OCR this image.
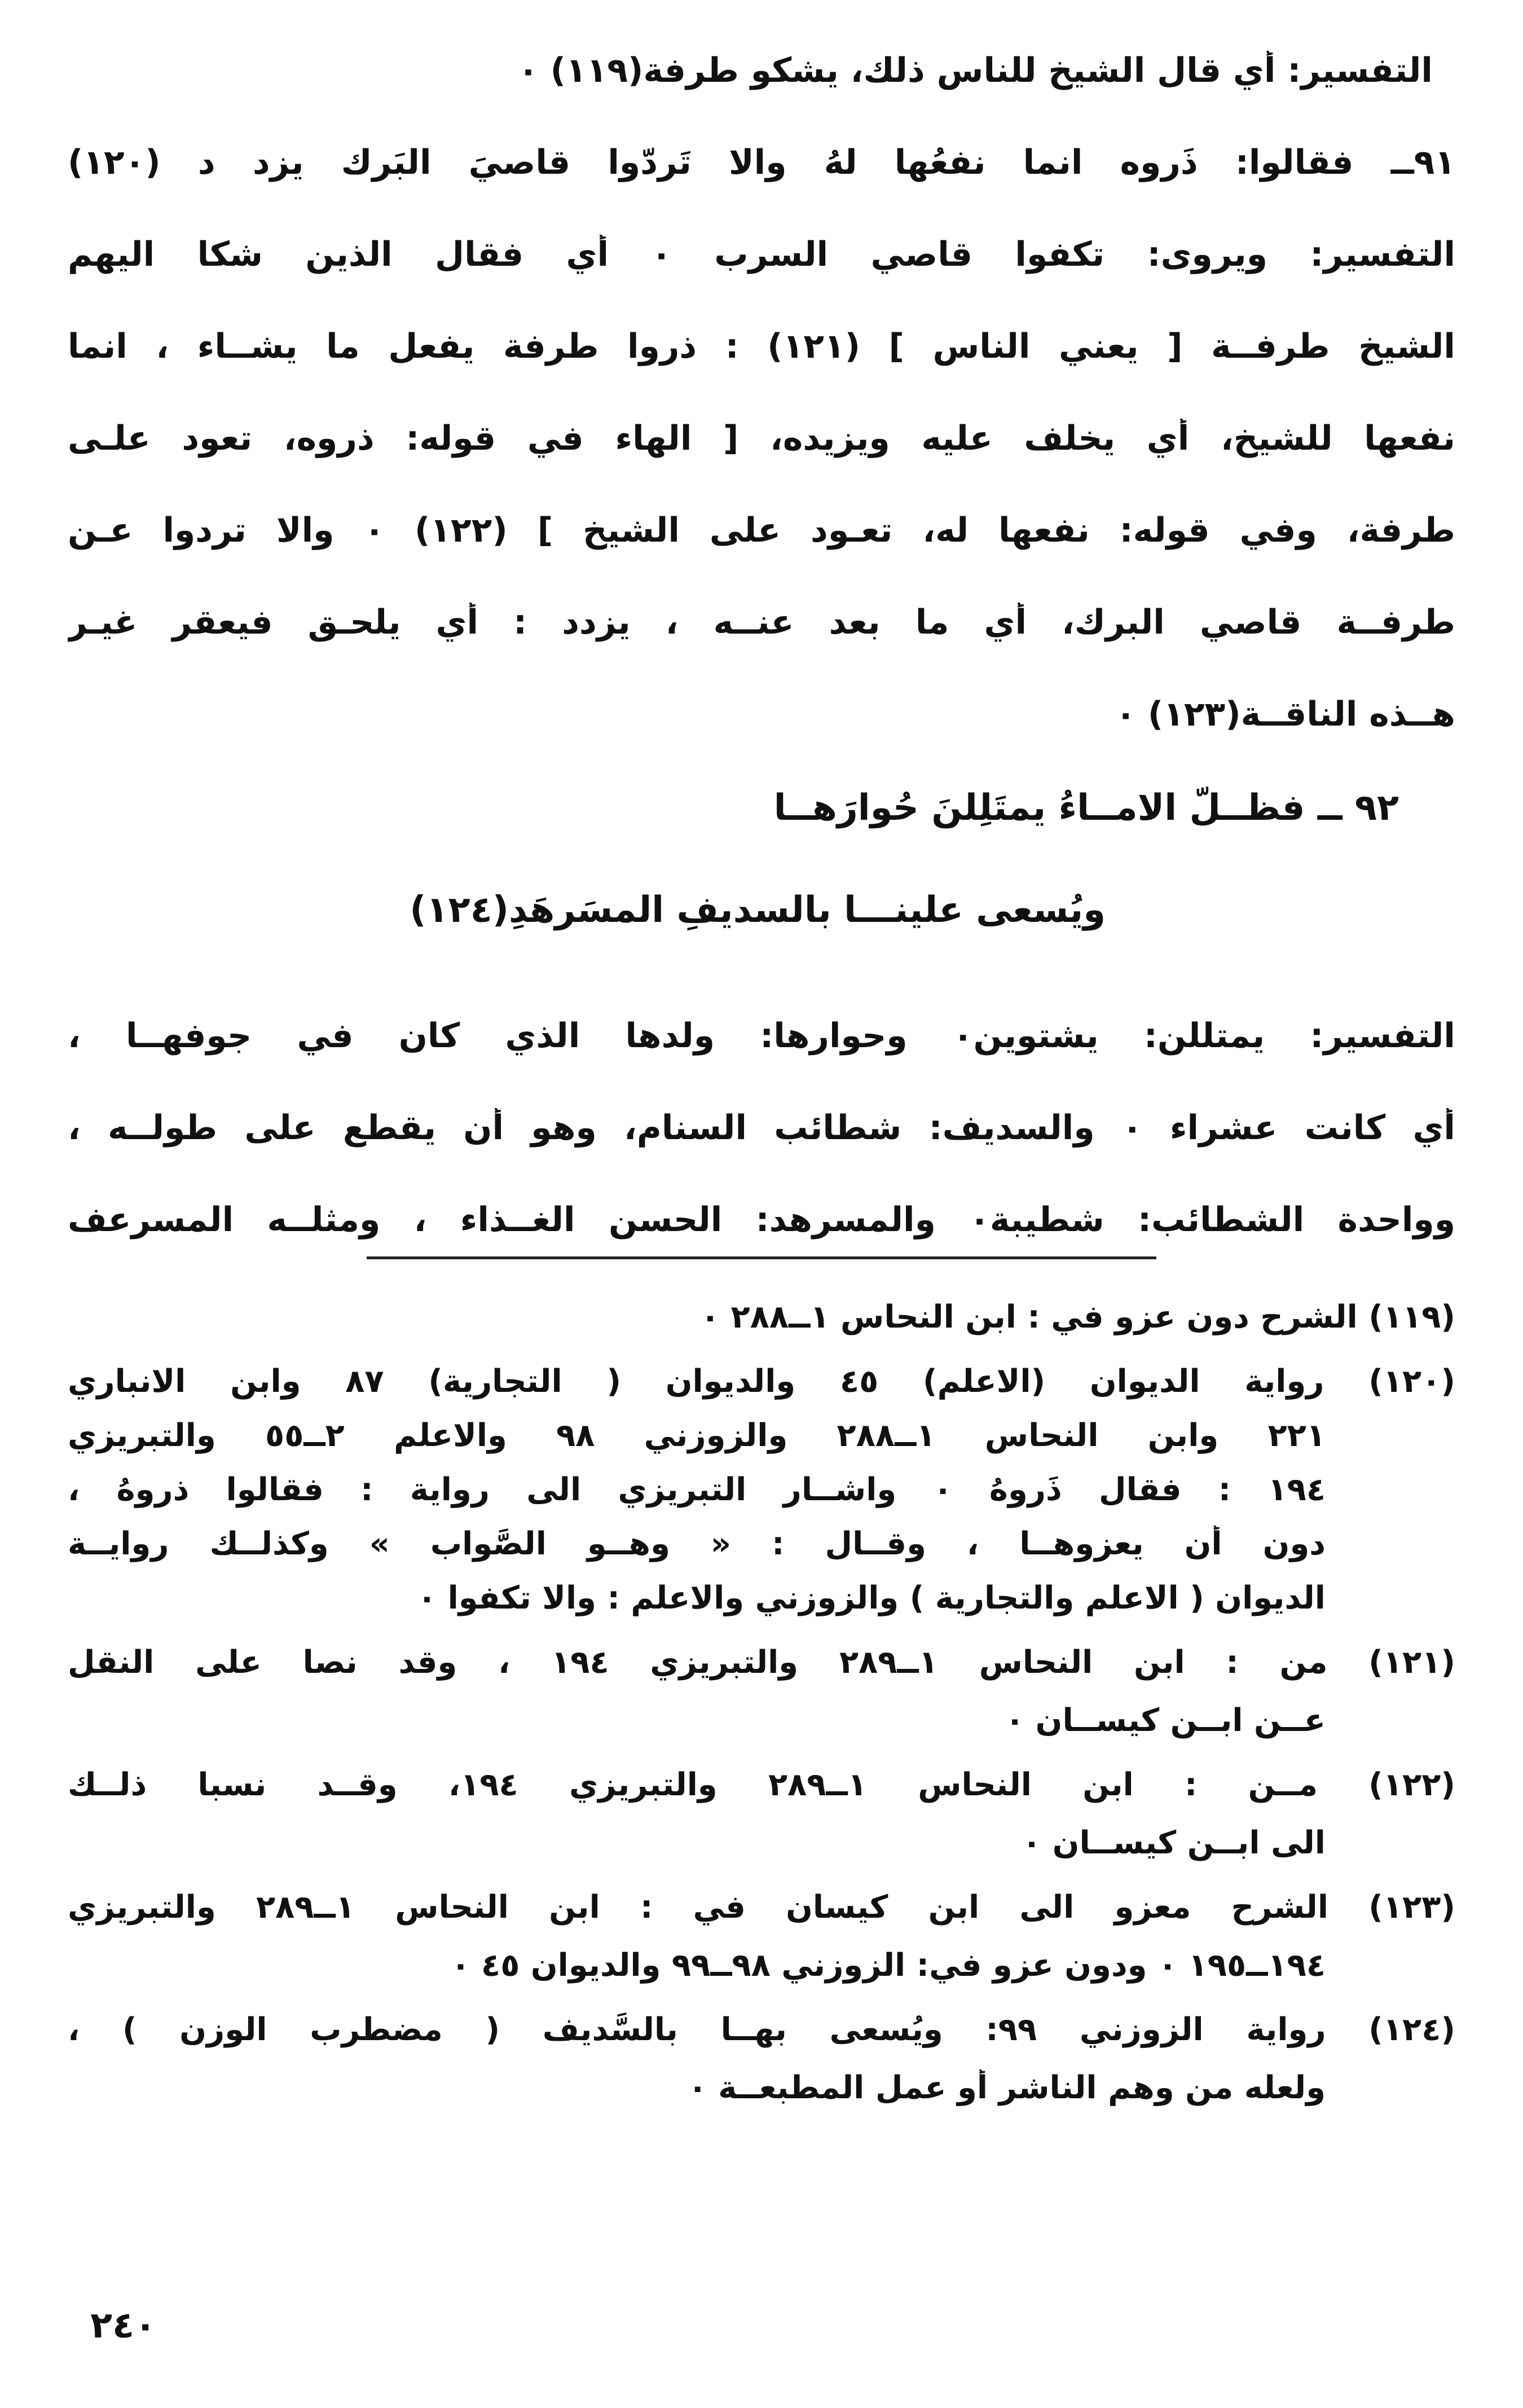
التفسير: أي قال الشيخ للناس ذلك، يشكو طرفة(١١٩) ٠
٩١ــ فقالوا: ذَروه انما نفعُها لهُ والا تَردّوا قاصيَ البَرك يزد د (١٢٠)
التفسير: ويروى: تكفوا قاصي السرب ٠ أي فقال الذين شكا اليهم
الشيخ طرفــة [ يعني الناس ] (١٢١) : ذروا طرفة يفعل ما يشــاء ، انما
نفعها للشيخ، أي يخلف عليه ويزيده، [ الهاء في قوله: ذروه، تعود علـى
طرفة، وفي قوله: نفعها له، تعـود على الشيخ ] (١٢٢) ٠ والا تردوا عـن
طرفــة قاصي البرك، أي ما بعد عنــه ، يزدد : أي يلحـق فيعقر غيـر
هــذه الناقــة(١٢٣) ٠
٩٢ ــ فظــلَّ الامــاءُ يمتَلِلنَ حُوارَهــا
ويُسعى علينـــا بالسديفِ المسَرهَدِ(١٢٤)
التفسير: يمتللن: يشتوين٠ وحوارها: ولدها الذي كان في جوفهــا ،
أي كانت عشراء ٠ والسديف: شطائب السنام، وهو أن يقطع على طولــه ،
وواحدة الشطائب: شطيبة٠ والمسرهد: الحسن الغــذاء ، ومثلــه المسرعف
(١١٩) الشرح دون عزو في : ابن النحاس ١ــ٢٨٨ ٠
(١٢٠) رواية الديوان (الاعلم) ٤٥ والديوان ( التجارية) ٨٧ وابن الانباري
٢٢١ وابن النحاس ١ــ٢٨٨ والزوزني ٩٨ والاعلم ٢ــ٥٥ والتبريزي
١٩٤ : فقال ذَروهُ ٠ واشــار التبريزي الى رواية : فقالوا ذروهُ ،
دون أن يعزوهــا ، وقــال : « وهــو الصَّواب » وكذلــك روايــة
الديوان ( الاعلم والتجارية ) والزوزني والاعلم : والا تكفوا ٠
(١٢١) من : ابن النحاس ١ــ٢٨٩ والتبريزي ١٩٤ ، وقد نصا على النقل
عــن ابــن كيســان ٠
(١٢٢) مــن : ابن النحاس ١ــ٢٨٩ والتبريزي ١٩٤، وقــد نسبا ذلــك
الى ابــن كيســان ٠
(١٢٣) الشرح معزو الى ابن كيسان في : ابن النحاس ١ــ٢٨٩ والتبريزي
١٩٤ــ١٩٥ ٠ ودون عزو في: الزوزني ٩٨ــ٩٩ والديوان ٤٥ ٠
(١٢٤) رواية الزوزني ٩٩: ويُسعى بهــا بالسَّديف ( مضطرب الوزن ) ،
ولعله من وهم الناشر أو عمل المطبعــة ٠
٢٤٠
